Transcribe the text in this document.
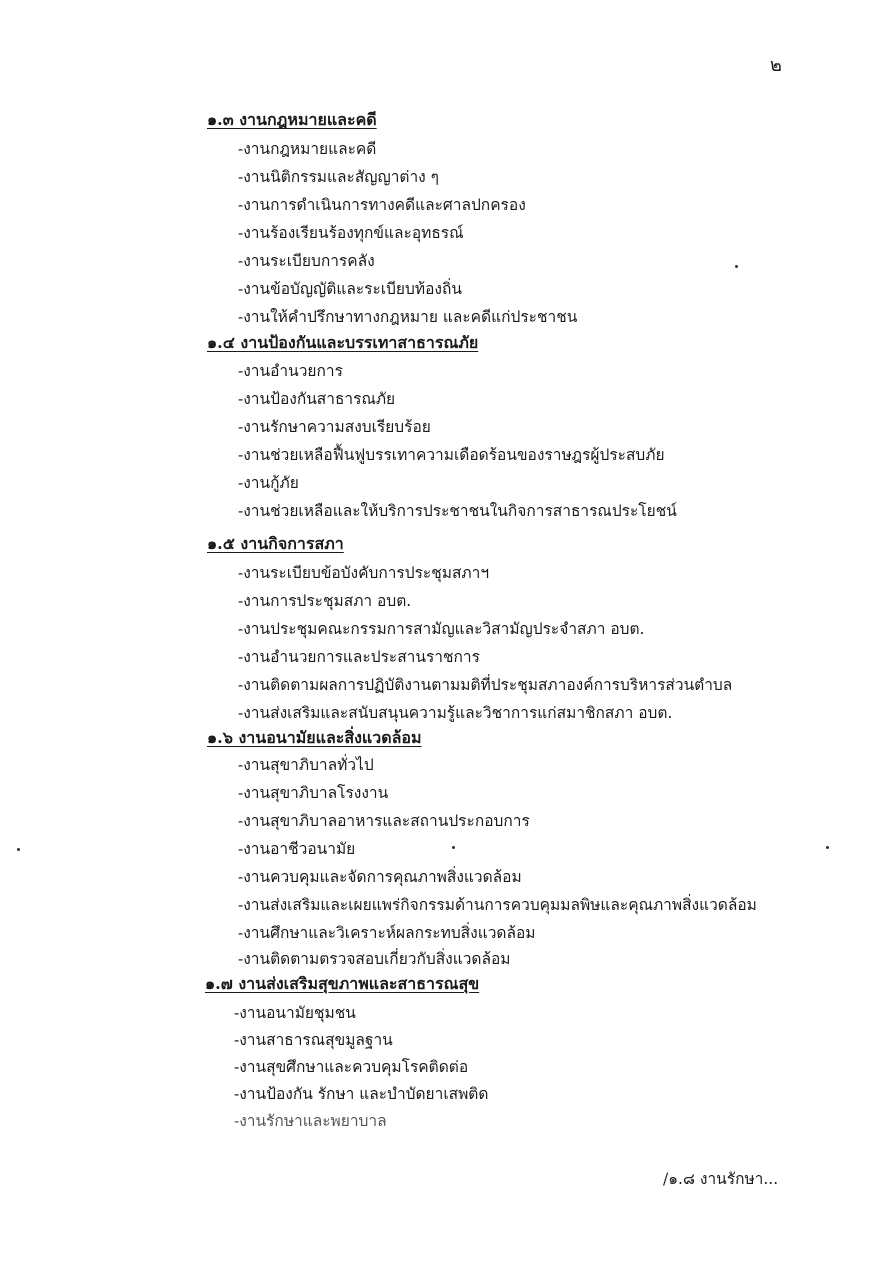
๒
๑.๓ งานกฎหมายและคดี
-งานกฎหมายและคดี
-งานนิติกรรมและสัญญาต่าง ๆ
-งานการดำเนินการทางคดีและศาลปกครอง
-งานร้องเรียนร้องทุกข์และอุทธรณ์
-งานระเบียบการคลัง
-งานข้อบัญญัติและระเบียบท้องถิ่น
-งานให้คำปรึกษาทางกฎหมาย และคดีแก่ประชาชน
๑.๔ งานป้องกันและบรรเทาสาธารณภัย
-งานอำนวยการ
-งานป้องกันสาธารณภัย
-งานรักษาความสงบเรียบร้อย
-งานช่วยเหลือฟื้นฟูบรรเทาความเดือดร้อนของราษฎรผู้ประสบภัย
-งานกู้ภัย
-งานช่วยเหลือและให้บริการประชาชนในกิจการสาธารณประโยชน์
๑.๕ งานกิจการสภา
-งานระเบียบข้อบังคับการประชุมสภาฯ
-งานการประชุมสภา อบต.
-งานประชุมคณะกรรมการสามัญและวิสามัญประจำสภา อบต.
-งานอำนวยการและประสานราชการ
-งานติดตามผลการปฏิบัติงานตามมติที่ประชุมสภาองค์การบริหารส่วนตำบล
-งานส่งเสริมและสนับสนุนความรู้และวิชาการแก่สมาชิกสภา อบต.
๑.๖ งานอนามัยและสิ่งแวดล้อม
-งานสุขาภิบาลทั่วไป
-งานสุขาภิบาลโรงงาน
-งานสุขาภิบาลอาหารและสถานประกอบการ
-งานอาชีวอนามัย
-งานควบคุมและจัดการคุณภาพสิ่งแวดล้อม
-งานส่งเสริมและเผยแพร่กิจกรรมด้านการควบคุมมลพิษและคุณภาพสิ่งแวดล้อม
-งานศึกษาและวิเคราะห์ผลกระทบสิ่งแวดล้อม
-งานติดตามตรวจสอบเกี่ยวกับสิ่งแวดล้อม
๑.๗ งานส่งเสริมสุขภาพและสาธารณสุข
-งานอนามัยชุมชน
-งานสาธารณสุขมูลฐาน
-งานสุขศึกษาและควบคุมโรคติดต่อ
-งานป้องกัน รักษา และบำบัดยาเสพติด
-งานรักษาและพยาบาล
/๑.๘ งานรักษา...
